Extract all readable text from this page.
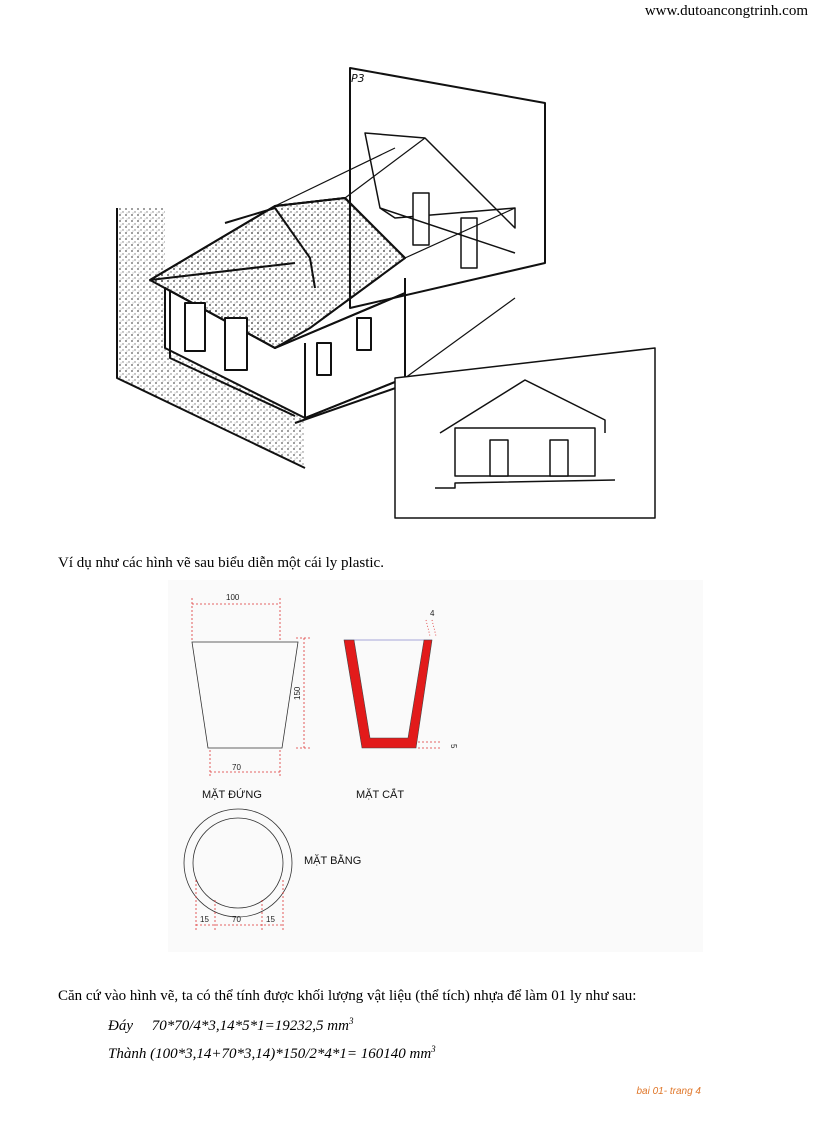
www.dutoancongtrinh.com
P3
Ví dụ như các hình vẽ sau biểu diễn một cái ly plastic.
100
150
70
4
5
15	70	15
MẶT ĐỨNG	MẶT CẮT
MẶT BẰNG
Căn cứ vào hình vẽ, ta có thể tính được khối lượng vật liệu (thể tích) nhựa để làm 01 ly như sau:
Đáy 70*70/4*3,14*5*1=19232,5 $mm^3$
Thành (100*3,14+70*3,14)*150/2*4*1= 160140 $mm^3$
bai 01- trang 4
